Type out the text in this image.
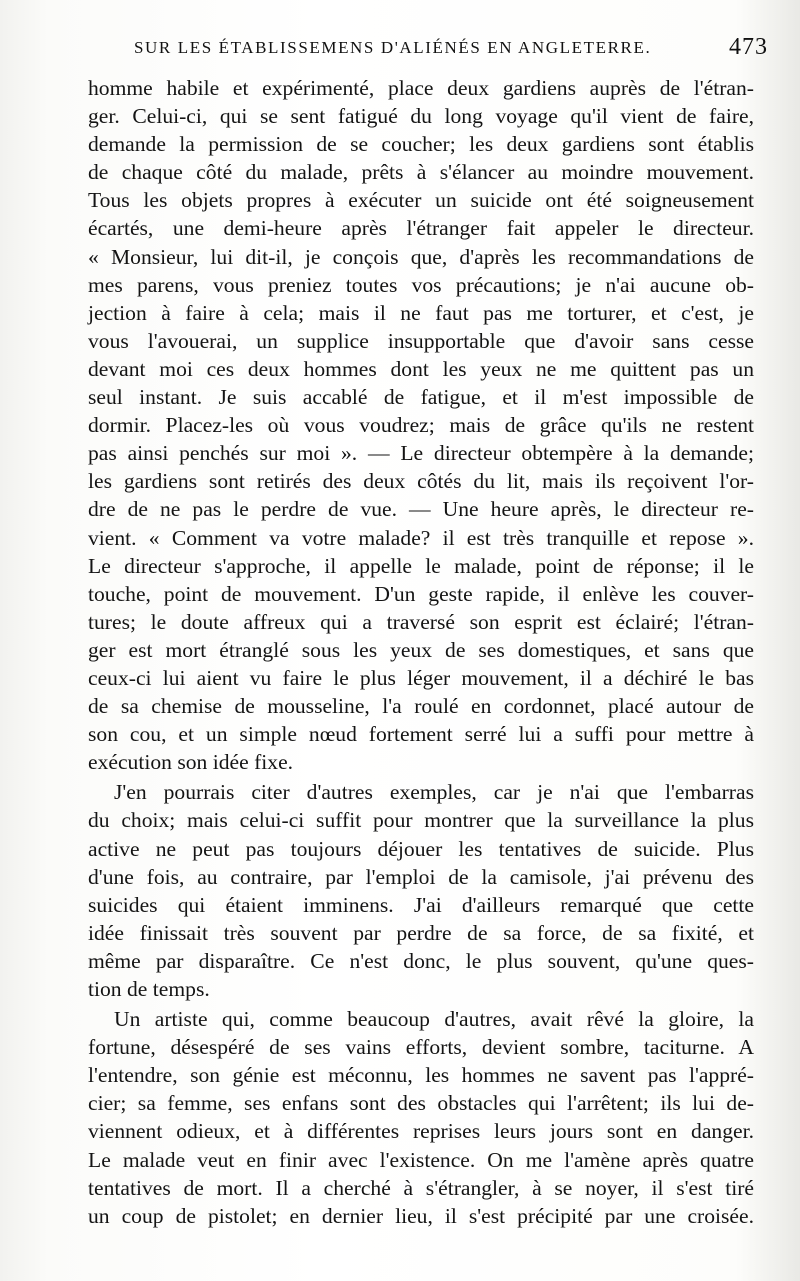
SUR LES ÉTABLISSEMENS D'ALIÉNÉS EN ANGLETERRE.	473
homme habile et expérimenté, place deux gardiens auprès de l'étran-
ger. Celui-ci, qui se sent fatigué du long voyage qu'il vient de faire,
demande la permission de se coucher; les deux gardiens sont établis
de chaque côté du malade, prêts à s'élancer au moindre mouvement.
Tous les objets propres à exécuter un suicide ont été soigneusement
écartés, une demi-heure après l'étranger fait appeler le directeur.
« Monsieur, lui dit-il, je conçois que, d'après les recommandations de
mes parens, vous preniez toutes vos précautions; je n'ai aucune ob-
jection à faire à cela; mais il ne faut pas me torturer, et c'est, je
vous l'avouerai, un supplice insupportable que d'avoir sans cesse
devant moi ces deux hommes dont les yeux ne me quittent pas un
seul instant. Je suis accablé de fatigue, et il m'est impossible de
dormir. Placez-les où vous voudrez; mais de grâce qu'ils ne restent
pas ainsi penchés sur moi ». — Le directeur obtempère à la demande;
les gardiens sont retirés des deux côtés du lit, mais ils reçoivent l'or-
dre de ne pas le perdre de vue. — Une heure après, le directeur re-
vient. « Comment va votre malade? il est très tranquille et repose ».
Le directeur s'approche, il appelle le malade, point de réponse; il le
touche, point de mouvement. D'un geste rapide, il enlève les couver-
tures; le doute affreux qui a traversé son esprit est éclairé; l'étran-
ger est mort étranglé sous les yeux de ses domestiques, et sans que
ceux-ci lui aient vu faire le plus léger mouvement, il a déchiré le bas
de sa chemise de mousseline, l'a roulé en cordonnet, placé autour de
son cou, et un simple nœud fortement serré lui a suffi pour mettre à
exécution son idée fixe.
J'en pourrais citer d'autres exemples, car je n'ai que l'embarras
du choix; mais celui-ci suffit pour montrer que la surveillance la plus
active ne peut pas toujours déjouer les tentatives de suicide. Plus
d'une fois, au contraire, par l'emploi de la camisole, j'ai prévenu des
suicides qui étaient imminens. J'ai d'ailleurs remarqué que cette
idée finissait très souvent par perdre de sa force, de sa fixité, et
même par disparaître. Ce n'est donc, le plus souvent, qu'une ques-
tion de temps.
Un artiste qui, comme beaucoup d'autres, avait rêvé la gloire, la
fortune, désespéré de ses vains efforts, devient sombre, taciturne. A
l'entendre, son génie est méconnu, les hommes ne savent pas l'appré-
cier; sa femme, ses enfans sont des obstacles qui l'arrêtent; ils lui de-
viennent odieux, et à différentes reprises leurs jours sont en danger.
Le malade veut en finir avec l'existence. On me l'amène après quatre
tentatives de mort. Il a cherché à s'étrangler, à se noyer, il s'est tiré
un coup de pistolet; en dernier lieu, il s'est précipité par une croisée.
